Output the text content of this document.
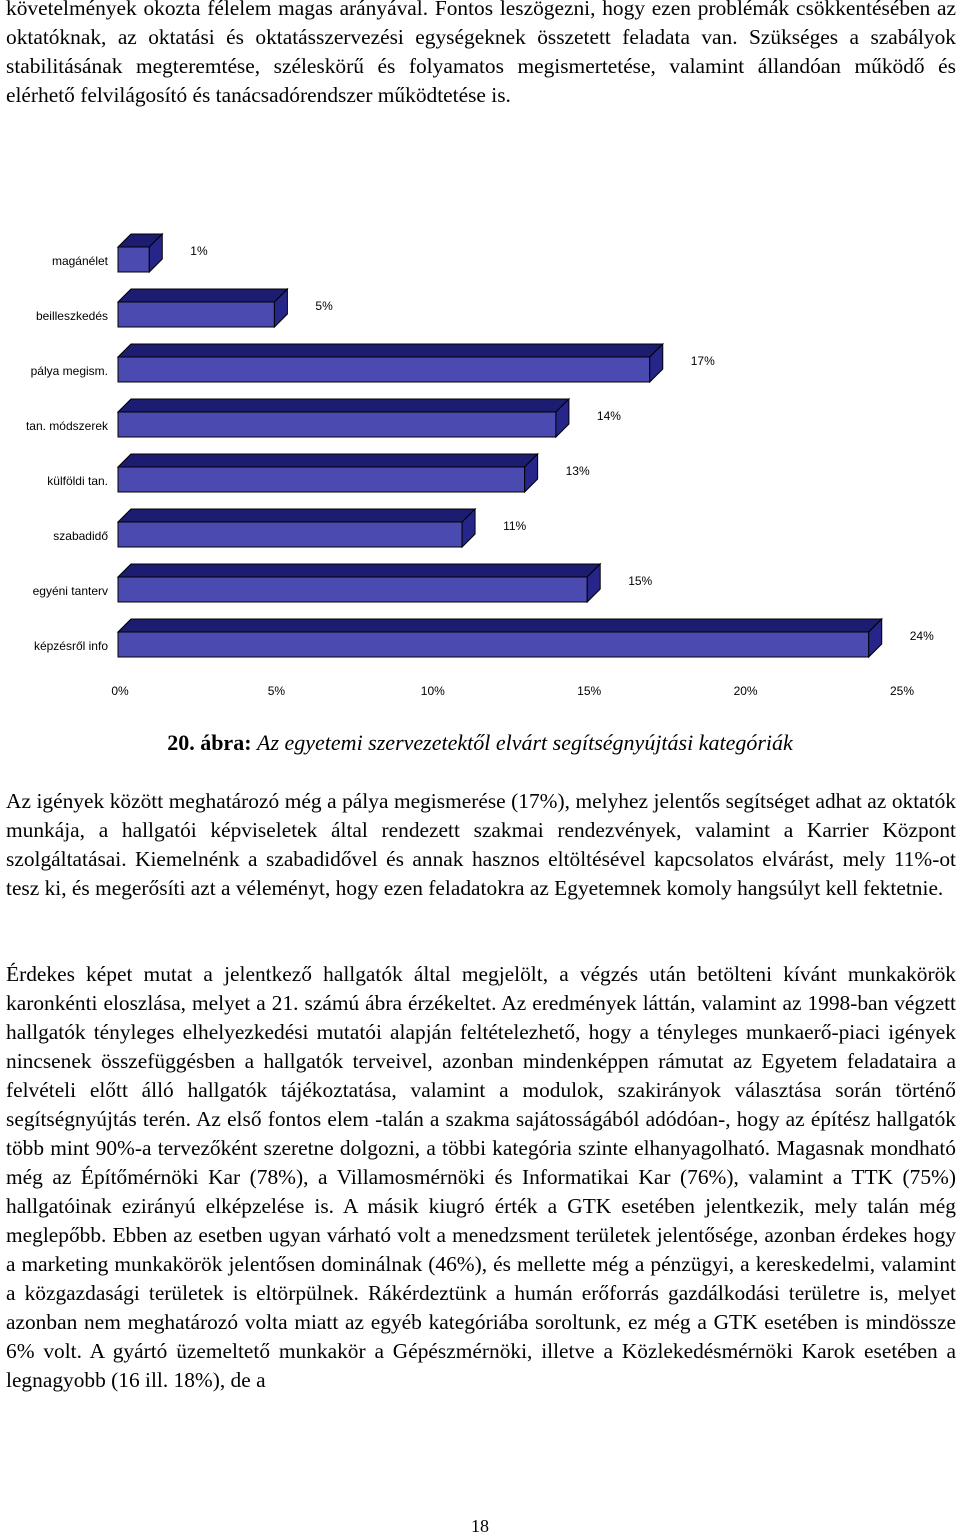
követelmények okozta félelem magas arányával. Fontos leszögezni, hogy ezen problémák csökkentésében az oktatóknak, az oktatási és oktatásszervezési egységeknek összetett feladata van. Szükséges a szabályok stabilitásának megteremtése, széleskörű és folyamatos megismertetése, valamint állandóan működő és elérhető felvilágosító és tanácsadórendszer működtetése is.

magánélet
1%
beilleszkedés
5%
pálya megism.
17%
tan. módszerek
14%
külföldi tan.
13%
szabadidő
11%
egyéni tanterv
15%
képzésről info
24%
0%	5%	10%	15%	20%	25%
20. ábra: Az egyetemi szervezetektől elvárt segítségnyújtási kategóriák

Az igények között meghatározó még a pálya megismerése (17%), melyhez jelentős segítséget adhat az oktatók munkája, a hallgatói képviseletek által rendezett szakmai rendezvények, valamint a Karrier Központ szolgáltatásai. Kiemelnénk a szabadidővel és annak hasznos eltöltésével kapcsolatos elvárást, mely 11%-ot tesz ki, és megerősíti azt a véleményt, hogy ezen feladatokra az Egyetemnek komoly hangsúlyt kell fektetnie.

Érdekes képet mutat a jelentkező hallgatók által megjelölt, a végzés után betölteni kívánt munkakörök karonkénti eloszlása, melyet a 21. számú ábra érzékeltet. Az eredmények láttán, valamint az 1998-ban végzett hallgatók tényleges elhelyezkedési mutatói alapján feltételezhető, hogy a tényleges munkaerő-piaci igények nincsenek összefüggésben a hallgatók terveivel, azonban mindenképpen rámutat az Egyetem feladataira a felvételi előtt álló hallgatók tájékoztatása, valamint a modulok, szakirányok választása során történő segítségnyújtás terén. Az első fontos elem -talán a szakma sajátosságából adódóan-, hogy az építész hallgatók több mint 90%-a tervezőként szeretne dolgozni, a többi kategória szinte elhanyagolható. Magasnak mondható még az Építőmérnöki Kar (78%), a Villamosmérnöki és Informatikai Kar (76%), valamint a TTK (75%) hallgatóinak ezirányú elképzelése is. A másik kiugró érték a GTK esetében jelentkezik, mely talán még meglepőbb. Ebben az esetben ugyan várható volt a menedzsment területek jelentősége, azonban érdekes hogy a marketing munkakörök jelentősen dominálnak (46%), és mellette még a pénzügyi, a kereskedelmi, valamint a közgazdasági területek is eltörpülnek. Rákérdeztünk a humán erőforrás gazdálkodási területre is, melyet azonban nem meghatározó volta miatt az egyéb kategóriába soroltunk, ez még a GTK esetében is mindössze 6% volt. A gyártó üzemeltető munkakör a Gépészmérnöki, illetve a Közlekedésmérnöki Karok esetében a legnagyobb (16 ill. 18%), de a

18
